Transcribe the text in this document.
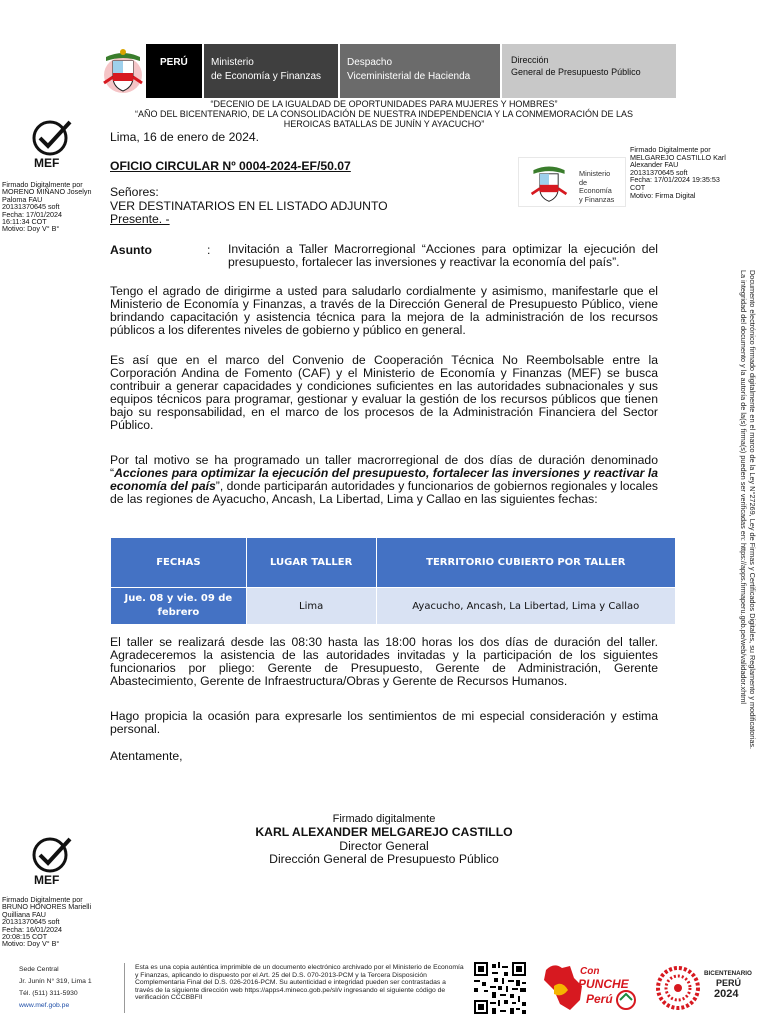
PERÚ	Ministerio
de Economía y Finanzas
Despacho
Viceministerial de Hacienda
Dirección
General de Presupuesto Público
“DECENIO DE LA IGUALDAD DE OPORTUNIDADES PARA MUJERES Y HOMBRES”
“AÑO DEL BICENTENARIO, DE LA CONSOLIDACIÓN DE NUESTRA INDEPENDENCIA Y LA CONMEMORACIÓN DE LAS HEROICAS BATALLAS DE JUNÍN Y AYACUCHO”
MEF
Firmado Digitalmente por
MORENO MIÑANO Joselyn
Paloma FAU
20131370645 soft
Fecha: 17/01/2024
16:11:34 COT
Motivo: Doy V° B°
MEF
Firmado Digitalmente por
BRUNO HONORES Marielli
Quilliana FAU
20131370645 soft
Fecha: 16/01/2024
20:08:15 COT
Motivo: Doy V° B°
Ministerio
de
Economía
y Finanzas
Firmado Digitalmente por
MELGAREJO CASTILLO Karl
Alexander FAU
20131370645 soft
Fecha: 17/01/2024 19:35:53
COT
Motivo: Firma Digital

Documento electrónico firmado digitalmente en el marco de la Ley N°27269, Ley de Firmas y Certificados Digitales, su Reglamento y modificatorias. La integridad del documento y la autoría de la(s) firma(s) pueden ser verificadas en: https://apps.firmaperu.gob.pe/web/validador.xhtml

Lima, 16 de enero de 2024.
OFICIO CIRCULAR Nº 0004-2024-EF/50.07
Señores:
VER DESTINATARIOS EN EL LISTADO ADJUNTO
Presente. -
Asunto	: Invitación a Taller Macrorregional “Acciones para optimizar la ejecución del presupuesto, fortalecer las inversiones y reactivar la economía del país”.
Tengo el agrado de dirigirme a usted para saludarlo cordialmente y asimismo, manifestarle que el Ministerio de Economía y Finanzas, a través de la Dirección General de Presupuesto Público, viene brindando capacitación y asistencia técnica para la mejora de la administración de los recursos públicos a los diferentes niveles de gobierno y público en general.
Es así que en el marco del Convenio de Cooperación Técnica No Reembolsable entre la Corporación Andina de Fomento (CAF) y el Ministerio de Economía y Finanzas (MEF) se busca contribuir a generar capacidades y condiciones suficientes en las autoridades subnacionales y sus equipos técnicos para programar, gestionar y evaluar la gestión de los recursos públicos que tienen bajo su responsabilidad, en el marco de los procesos de la Administración Financiera del Sector Público.
Por tal motivo se ha programado un taller macrorregional de dos días de duración denominado “Acciones para optimizar la ejecución del presupuesto, fortalecer las inversiones y reactivar la economía del país”, donde participarán autoridades y funcionarios de gobiernos regionales y locales de las regiones de Ayacucho, Ancash, La Libertad, Lima y Callao en las siguientes fechas:
FECHAS	LUGAR TALLER	TERRITORIO CUBIERTO POR TALLER
Jue. 08 y vie. 09 de febrero	Lima	Ayacucho, Ancash, La Libertad, Lima y Callao
El taller se realizará desde las 08:30 hasta las 18:00 horas los dos días de duración del taller. Agradeceremos la asistencia de las autoridades invitadas y la participación de los siguientes funcionarios por pliego: Gerente de Presupuesto, Gerente de Administración, Gerente Abastecimiento, Gerente de Infraestructura/Obras y Gerente de Recursos Humanos.
Hago propicia la ocasión para expresarle los sentimientos de mi especial consideración y estima personal.
Atentamente,
Firmado digitalmente
KARL ALEXANDER MELGAREJO CASTILLO
Director General
Dirección General de Presupuesto Público
Sede Central
Jr. Junín N° 319, Lima 1
Tél. (511) 311-5930
www.mef.gob.pe
Esta es una copia auténtica imprimible de un documento electrónico archivado por el Ministerio de Economía y Finanzas, aplicando lo dispuesto por el Art. 25 del D.S. 070-2013-PCM y la Tercera Disposición Complementaria Final del D.S. 026-2016-PCM. Su autenticidad e integridad pueden ser contrastadas a través de la siguiente dirección web https://apps4.mineco.gob.pe/sl/v ingresando el siguiente código de verificación CCCBBFII
Con
PUNCHE
Perú
BICENTENARIO
PERÚ
2024
